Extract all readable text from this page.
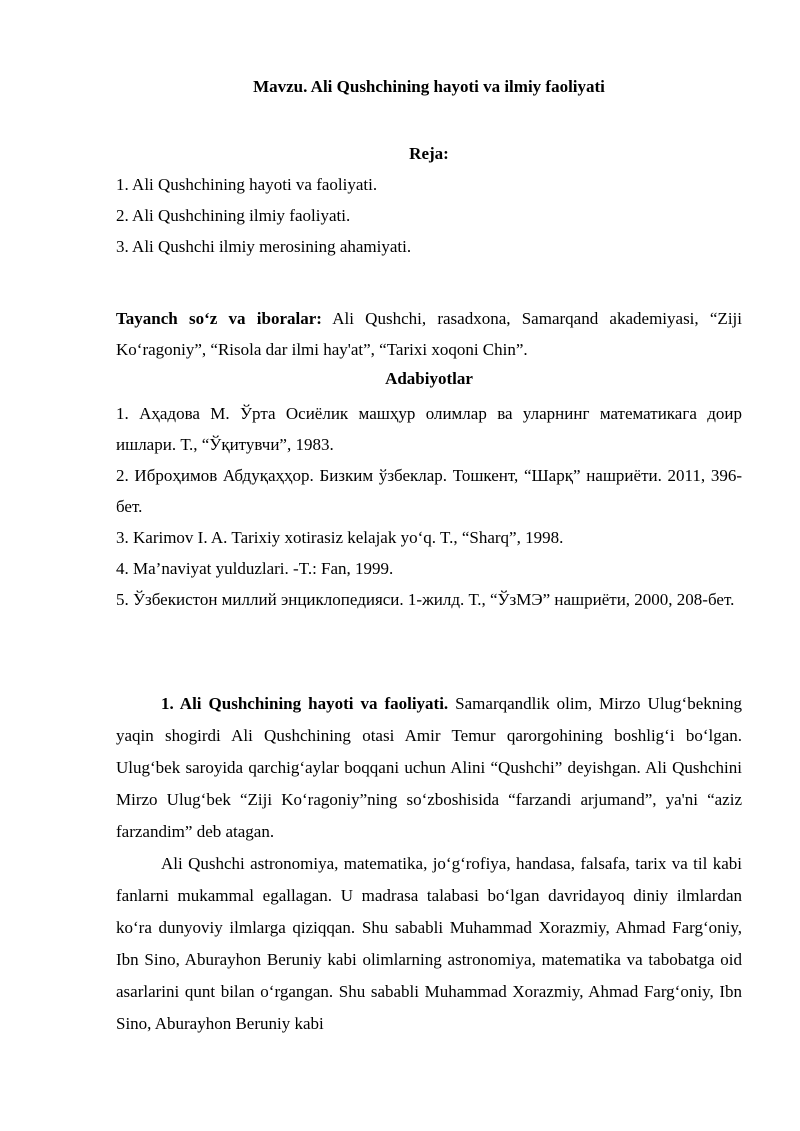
Mavzu. Ali Qushchining hayoti va ilmiy faoliyati
Reja:
1. Ali Qushchining hayoti va faoliyati.
2. Ali Qushchining ilmiy faoliyati.
3. Ali Qushchi ilmiy merosining ahamiyati.
Tayanch so‘z va iboralar: Ali Qushchi, rasadxona, Samarqand akademiyasi, “Ziji Ko‘ragoniy”, “Risola dar ilmi hay'at”, “Tarixi xoqoni Chin”.
Adabiyotlar
1. Аҳадова М. Ўрта Осиёлик машҳур олимлар ва уларнинг математикага доир ишлари. Т., “Ўқитувчи”, 1983.
2. Иброҳимов Абдуқаҳҳор. Бизким ўзбеклар. Тошкент, “Шарқ” нашриёти. 2011, 396-бет.
3. Karimov I. A. Tarixiy xotirasiz kelajak yo‘q. T., “Sharq”, 1998.
4. Ma’naviyat yulduzlari. -T.: Fan, 1999.
5. Ўзбекистон миллий энциклопедияси. 1-жилд. Т., “ЎзМЭ” нашриёти, 2000, 208-бет.

1. Ali Qushchining hayoti va faoliyati. Samarqandlik olim, Mirzo Ulug‘bekning yaqin shogirdi Ali Qushchining otasi Amir Temur qarorgohining boshlig‘i bo‘lgan. Ulug‘bek saroyida qarchig‘aylar boqqani uchun Alini “Qushchi” deyishgan. Ali Qushchini Mirzo Ulug‘bek “Ziji Ko‘ragoniy”ning so‘zboshisida “farzandi arjumand”, ya'ni “aziz farzandim” deb atagan.

Ali Qushchi astronomiya, matematika, jo‘g‘rofiya, handasa, falsafa, tarix va til kabi fanlarni mukammal egallagan. U madrasa talabasi bo‘lgan davridayoq diniy ilmlardan ko‘ra dunyoviy ilmlarga qiziqqan. Shu sababli Muhammad Xorazmiy, Ahmad Farg‘oniy, Ibn Sino, Aburayhon Beruniy kabi olimlarning astronomiya, matematika va tabobatga oid asarlarini qunt bilan o‘rgangan. Shu sababli Muhammad Xorazmiy, Ahmad Farg‘oniy, Ibn Sino, Aburayhon Beruniy kabi
